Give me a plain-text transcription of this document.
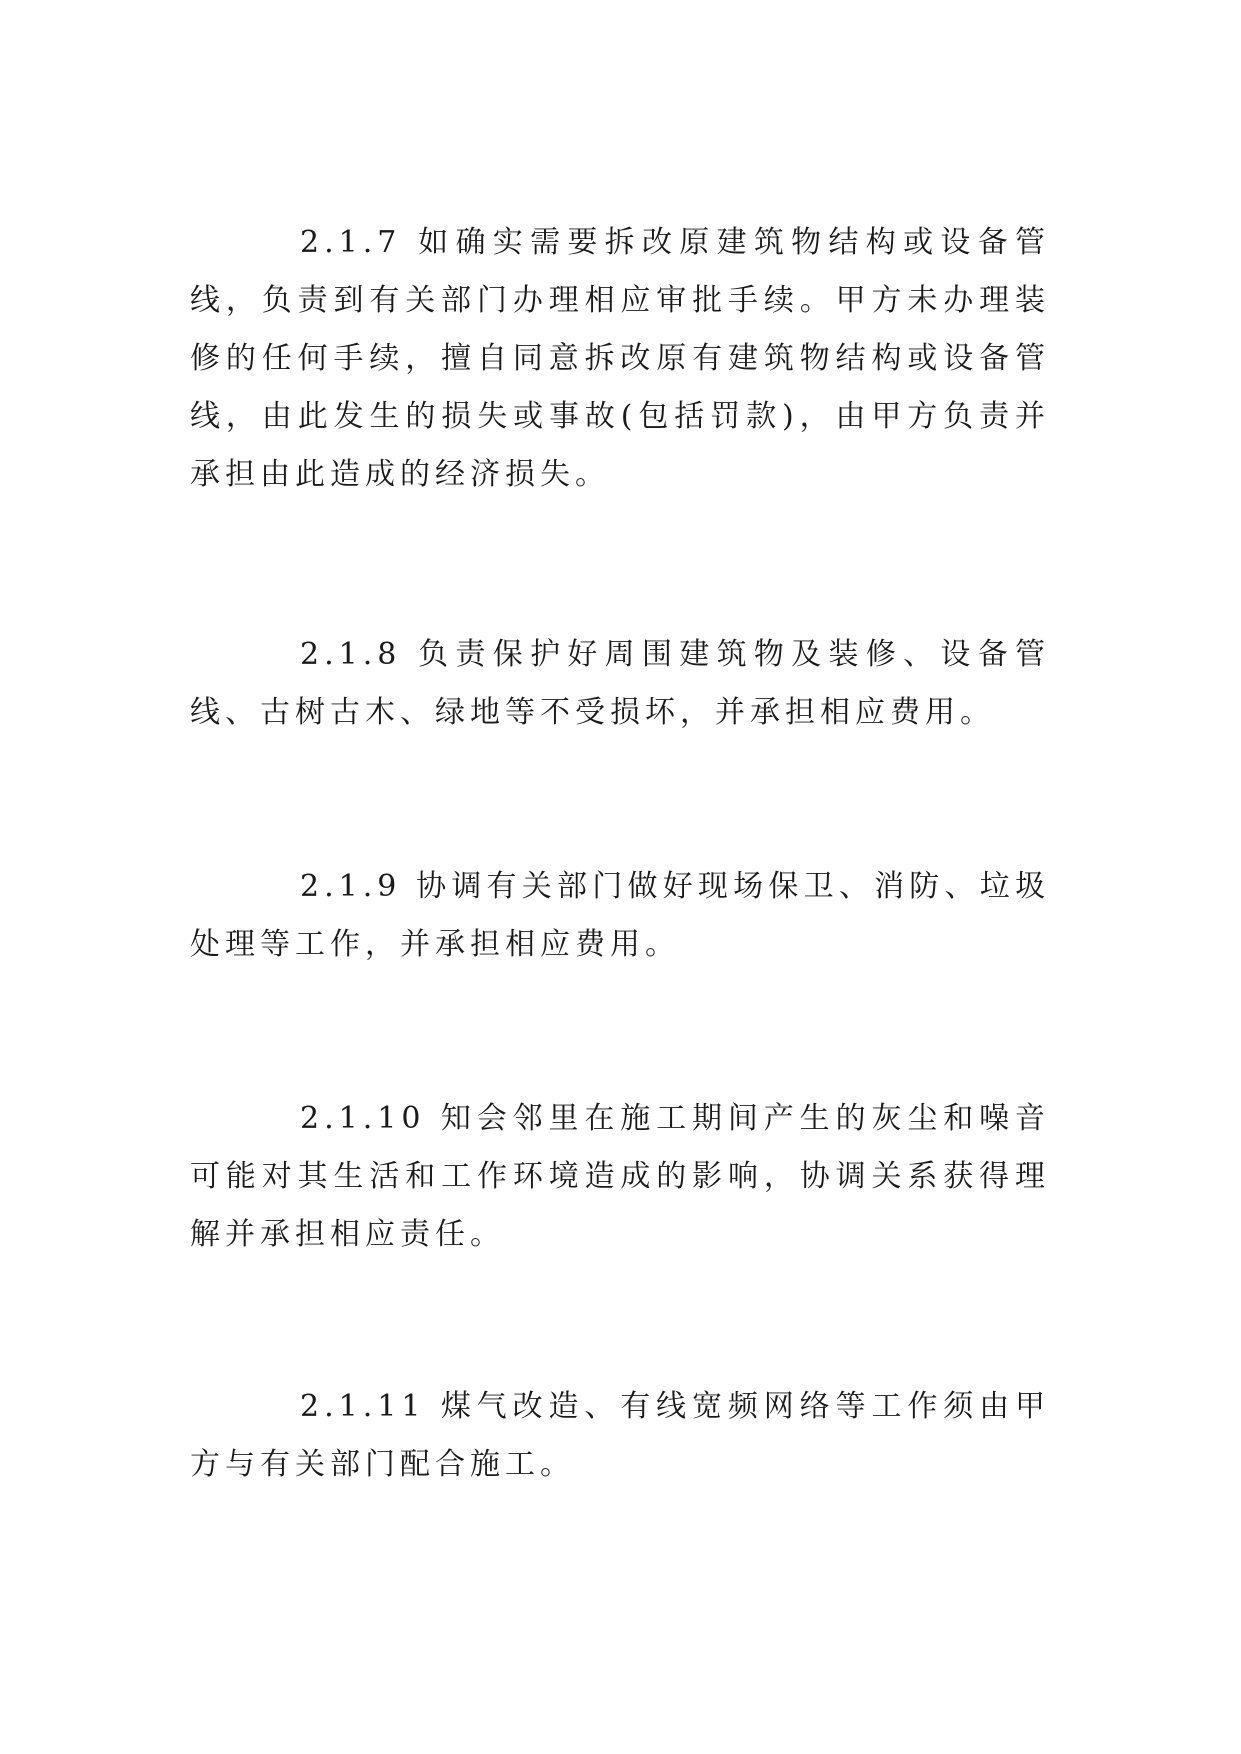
2.1.7 如确实需要拆改原建筑物结构或设备管线，负责到有关部门办理相应审批手续。甲方未办理装修的任何手续，擅自同意拆改原有建筑物结构或设备管线，由此发生的损失或事故(包括罚款)，由甲方负责并承担由此造成的经济损失。

2.1.8 负责保护好周围建筑物及装修、设备管线、古树古木、绿地等不受损坏，并承担相应费用。

2.1.9 协调有关部门做好现场保卫、消防、垃圾处理等工作，并承担相应费用。

2.1.10 知会邻里在施工期间产生的灰尘和噪音可能对其生活和工作环境造成的影响，协调关系获得理解并承担相应责任。

2.1.11 煤气改造、有线宽频网络等工作须由甲方与有关部门配合施工。
